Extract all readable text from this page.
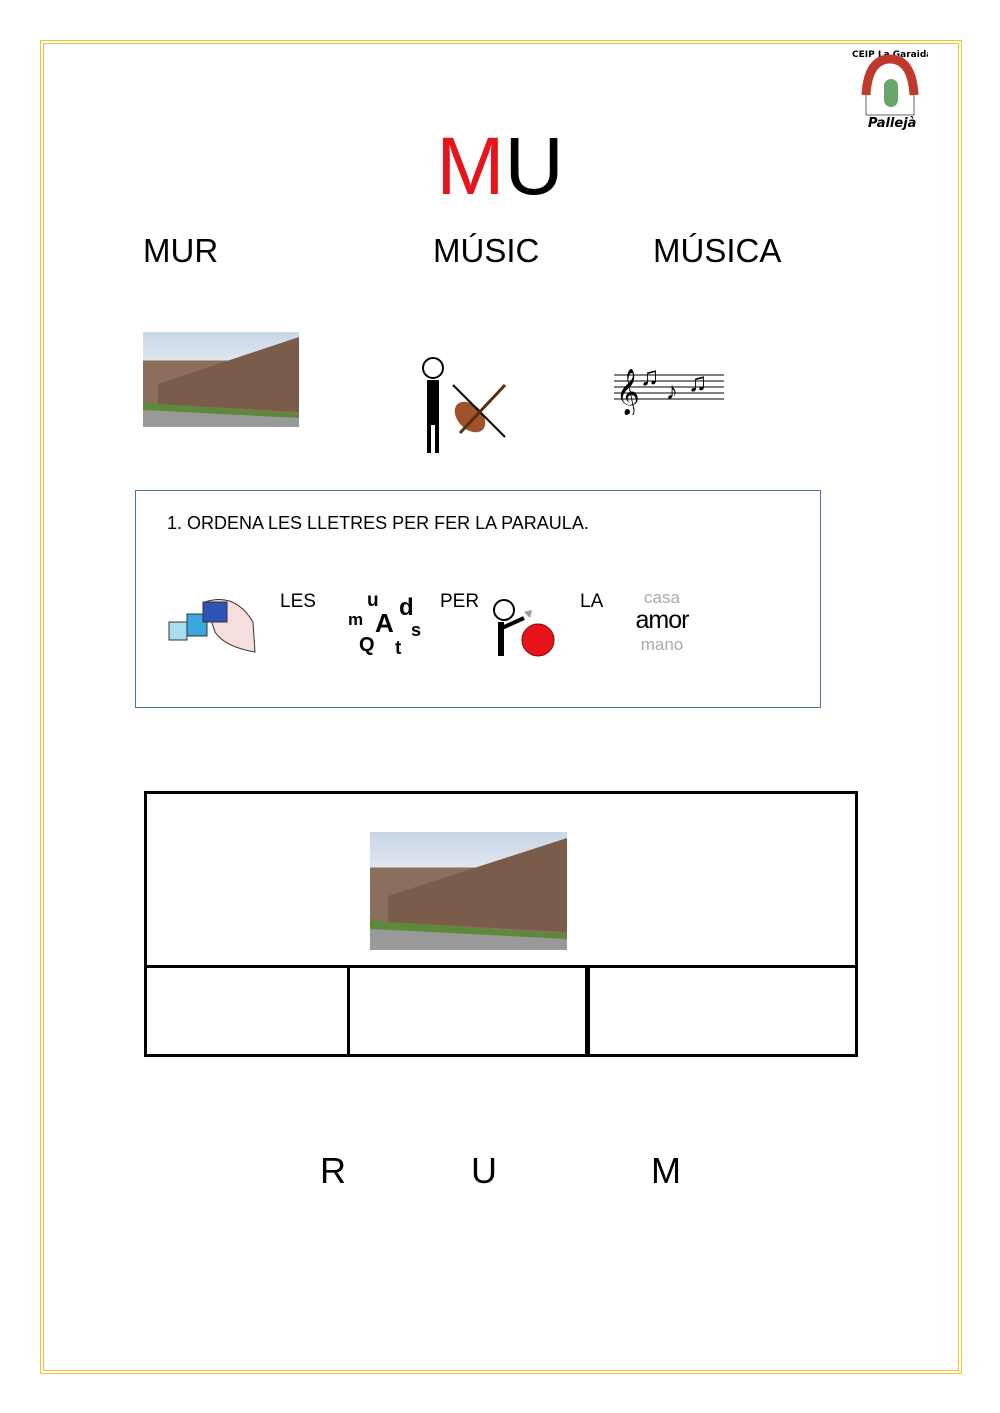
CEIP La Garaida
Pallejà
MU
MUR	MÚSIC	MÚSICA
𝄞 ♫
♪ ♫
1. ORDENA LES LLETRES PER FER LA PARAULA.
LES	u d
m A s
Q t
PER	LA	casa
amor
mano
R	U	M
